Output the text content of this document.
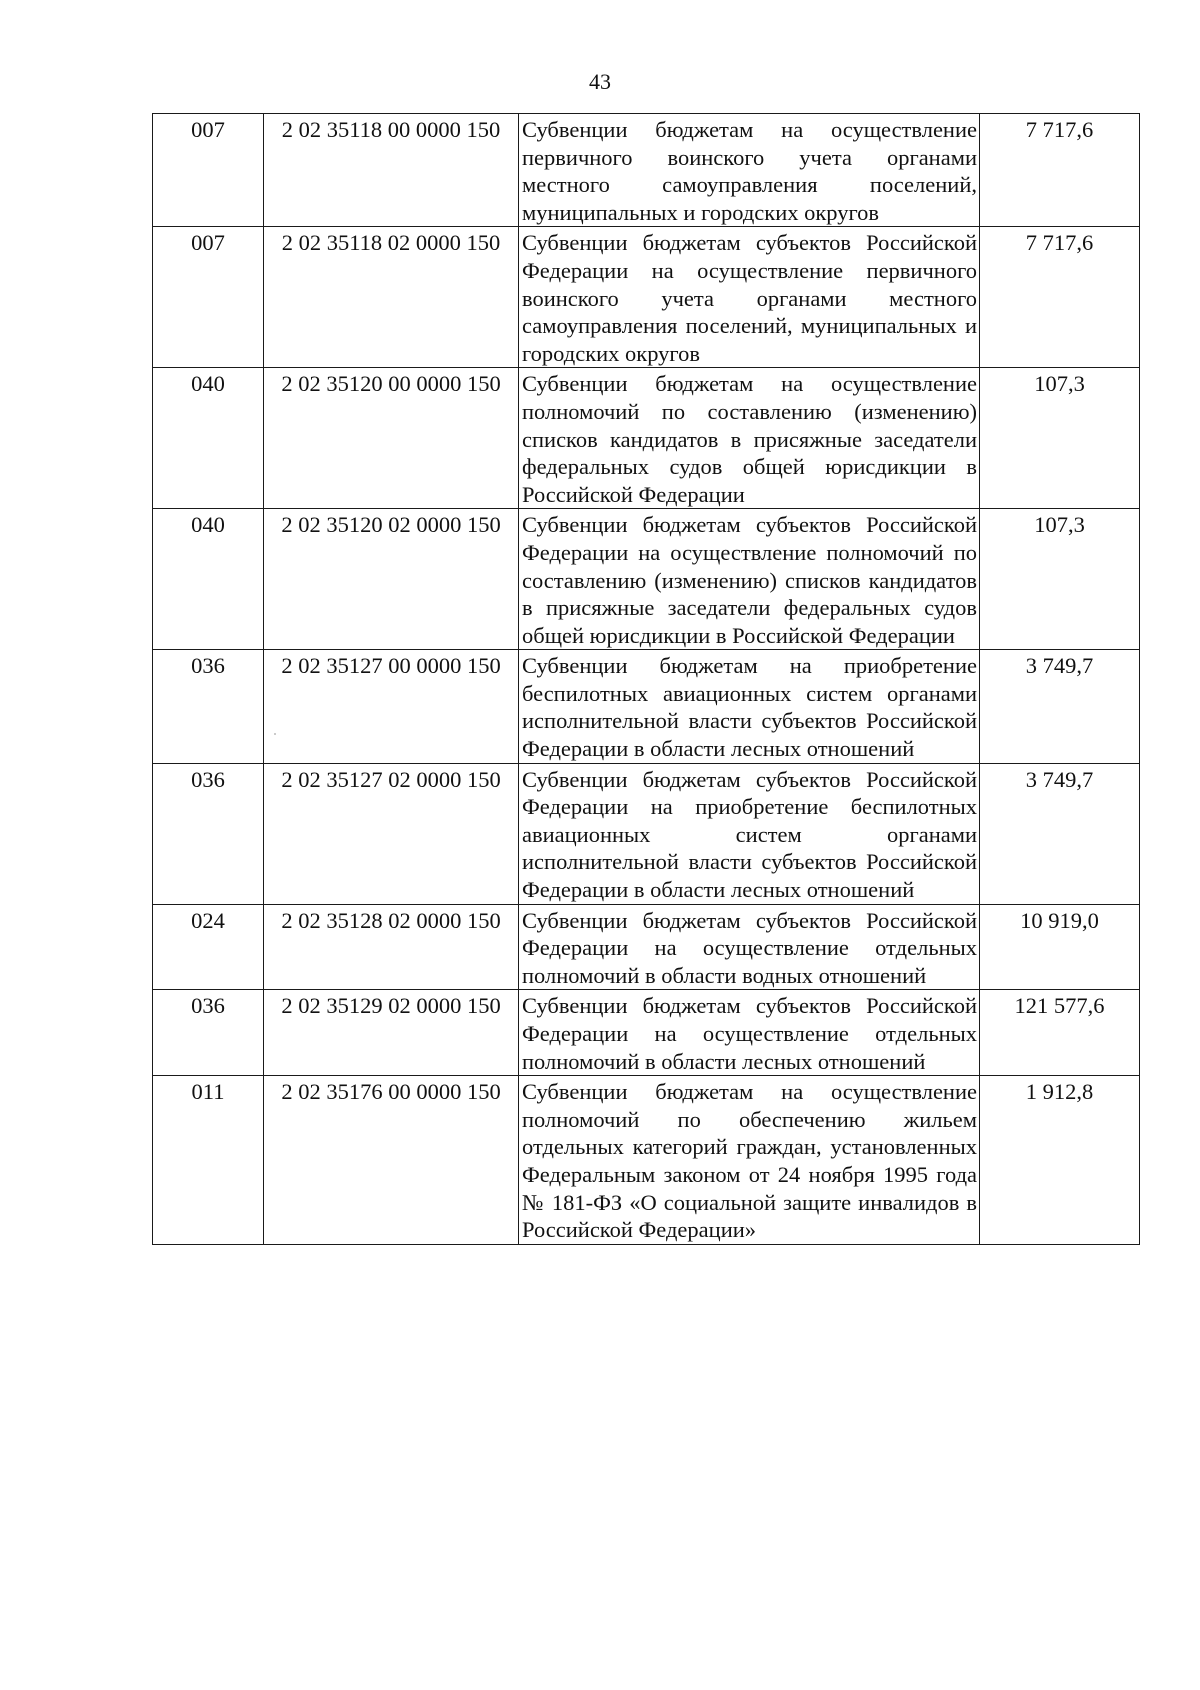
43
007	2 02 35118 00 0000 150	Субвенции бюджетам на осуществление первичного воинского учета органами местного самоуправления поселений, муниципальных и городских округов	7 717,6
007	2 02 35118 02 0000 150	Субвенции бюджетам субъектов Российской Федерации на осуществление первичного воинского учета органами местного самоуправления поселений, муниципальных и городских округов	7 717,6
040	2 02 35120 00 0000 150	Субвенции бюджетам на осуществление полномочий по составлению (изменению) списков кандидатов в присяжные заседатели федеральных судов общей юрисдикции в Российской Федерации	107,3
040	2 02 35120 02 0000 150	Субвенции бюджетам субъектов Российской Федерации на осуществление полномочий по составлению (изменению) списков кандидатов в присяжные заседатели федеральных судов общей юрисдикции в Российской Федерации	107,3
036	2 02 35127 00 0000 150	Субвенции бюджетам на приобретение беспилотных авиационных систем органами исполнительной власти субъектов Российской Федерации в области лесных отношений	3 749,7
036	2 02 35127 02 0000 150	Субвенции бюджетам субъектов Российской Федерации на приобретение беспилотных авиационных систем органами исполнительной власти субъектов Российской Федерации в области лесных отношений	3 749,7
024	2 02 35128 02 0000 150	Субвенции бюджетам субъектов Российской Федерации на осуществление отдельных полномочий в области водных отношений	10 919,0
036	2 02 35129 02 0000 150	Субвенции бюджетам субъектов Российской Федерации на осуществление отдельных полномочий в области лесных отношений	121 577,6
011	2 02 35176 00 0000 150	Субвенции бюджетам на осуществление полномочий по обеспечению жильем отдельных категорий граждан, установленных Федеральным законом от 24 ноября 1995 года № 181-ФЗ «О социальной защите инвалидов в Российской Федерации»	1 912,8
